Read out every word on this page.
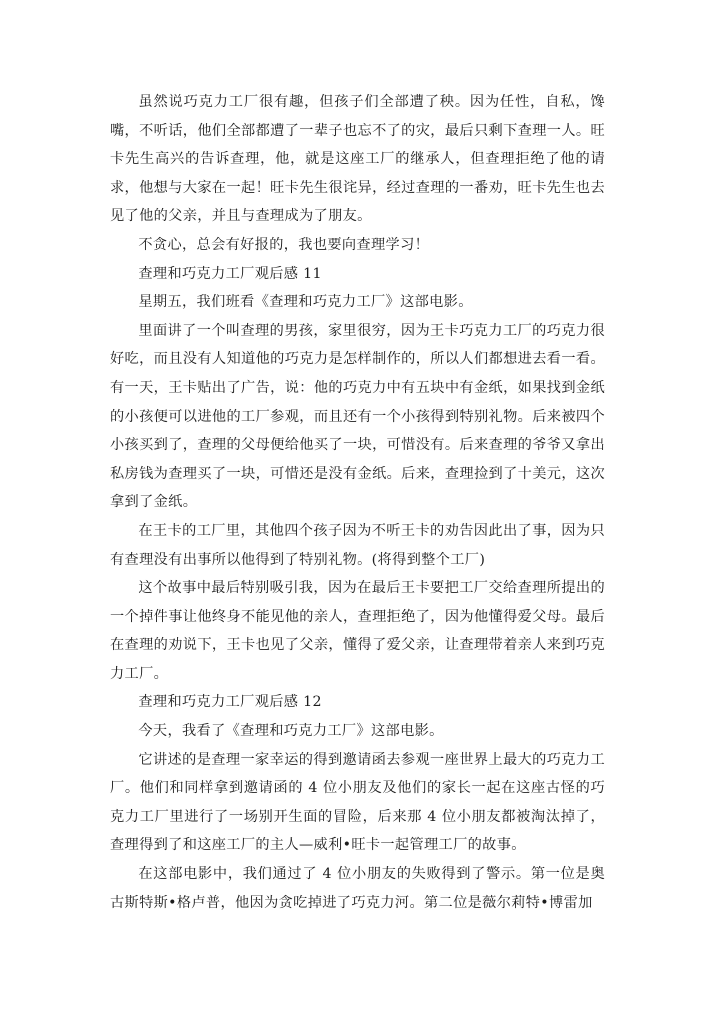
虽然说巧克力工厂很有趣，但孩子们全部遭了秧。因为任性，自私，馋嘴，不听话，他们全部都遭了一辈子也忘不了的灾，最后只剩下查理一人。旺卡先生高兴的告诉查理，他，就是这座工厂的继承人，但查理拒绝了他的请求，他想与大家在一起！旺卡先生很诧异，经过查理的一番劝，旺卡先生也去见了他的父亲，并且与查理成为了朋友。

不贪心，总会有好报的，我也要向查理学习！

查理和巧克力工厂观后感 11

星期五，我们班看《查理和巧克力工厂》这部电影。

里面讲了一个叫查理的男孩，家里很穷，因为王卡巧克力工厂的巧克力很好吃，而且没有人知道他的巧克力是怎样制作的，所以人们都想进去看一看。有一天，王卡贴出了广告，说：他的巧克力中有五块中有金纸，如果找到金纸的小孩便可以进他的工厂参观，而且还有一个小孩得到特别礼物。后来被四个小孩买到了，查理的父母便给他买了一块，可惜没有。后来查理的爷爷又拿出私房钱为查理买了一块，可惜还是没有金纸。后来，查理捡到了十美元，这次拿到了金纸。

在王卡的工厂里，其他四个孩子因为不听王卡的劝告因此出了事，因为只有查理没有出事所以他得到了特别礼物。(将得到整个工厂)

这个故事中最后特别吸引我，因为在最后王卡要把工厂交给查理所提出的一个掉件事让他终身不能见他的亲人，查理拒绝了，因为他懂得爱父母。最后在查理的劝说下，王卡也见了父亲，懂得了爱父亲，让查理带着亲人来到巧克力工厂。

查理和巧克力工厂观后感 12

今天，我看了《查理和巧克力工厂》这部电影。

它讲述的是查理一家幸运的得到邀请函去参观一座世界上最大的巧克力工厂。他们和同样拿到邀请函的 4 位小朋友及他们的家长一起在这座古怪的巧克力工厂里进行了一场别开生面的冒险，后来那 4 位小朋友都被淘汰掉了，查理得到了和这座工厂的主人—威利•旺卡一起管理工厂的故事。

在这部电影中，我们通过了 4 位小朋友的失败得到了警示。第一位是奥古斯特斯•格卢普，他因为贪吃掉进了巧克力河。第二位是薇尔莉特•博雷加
